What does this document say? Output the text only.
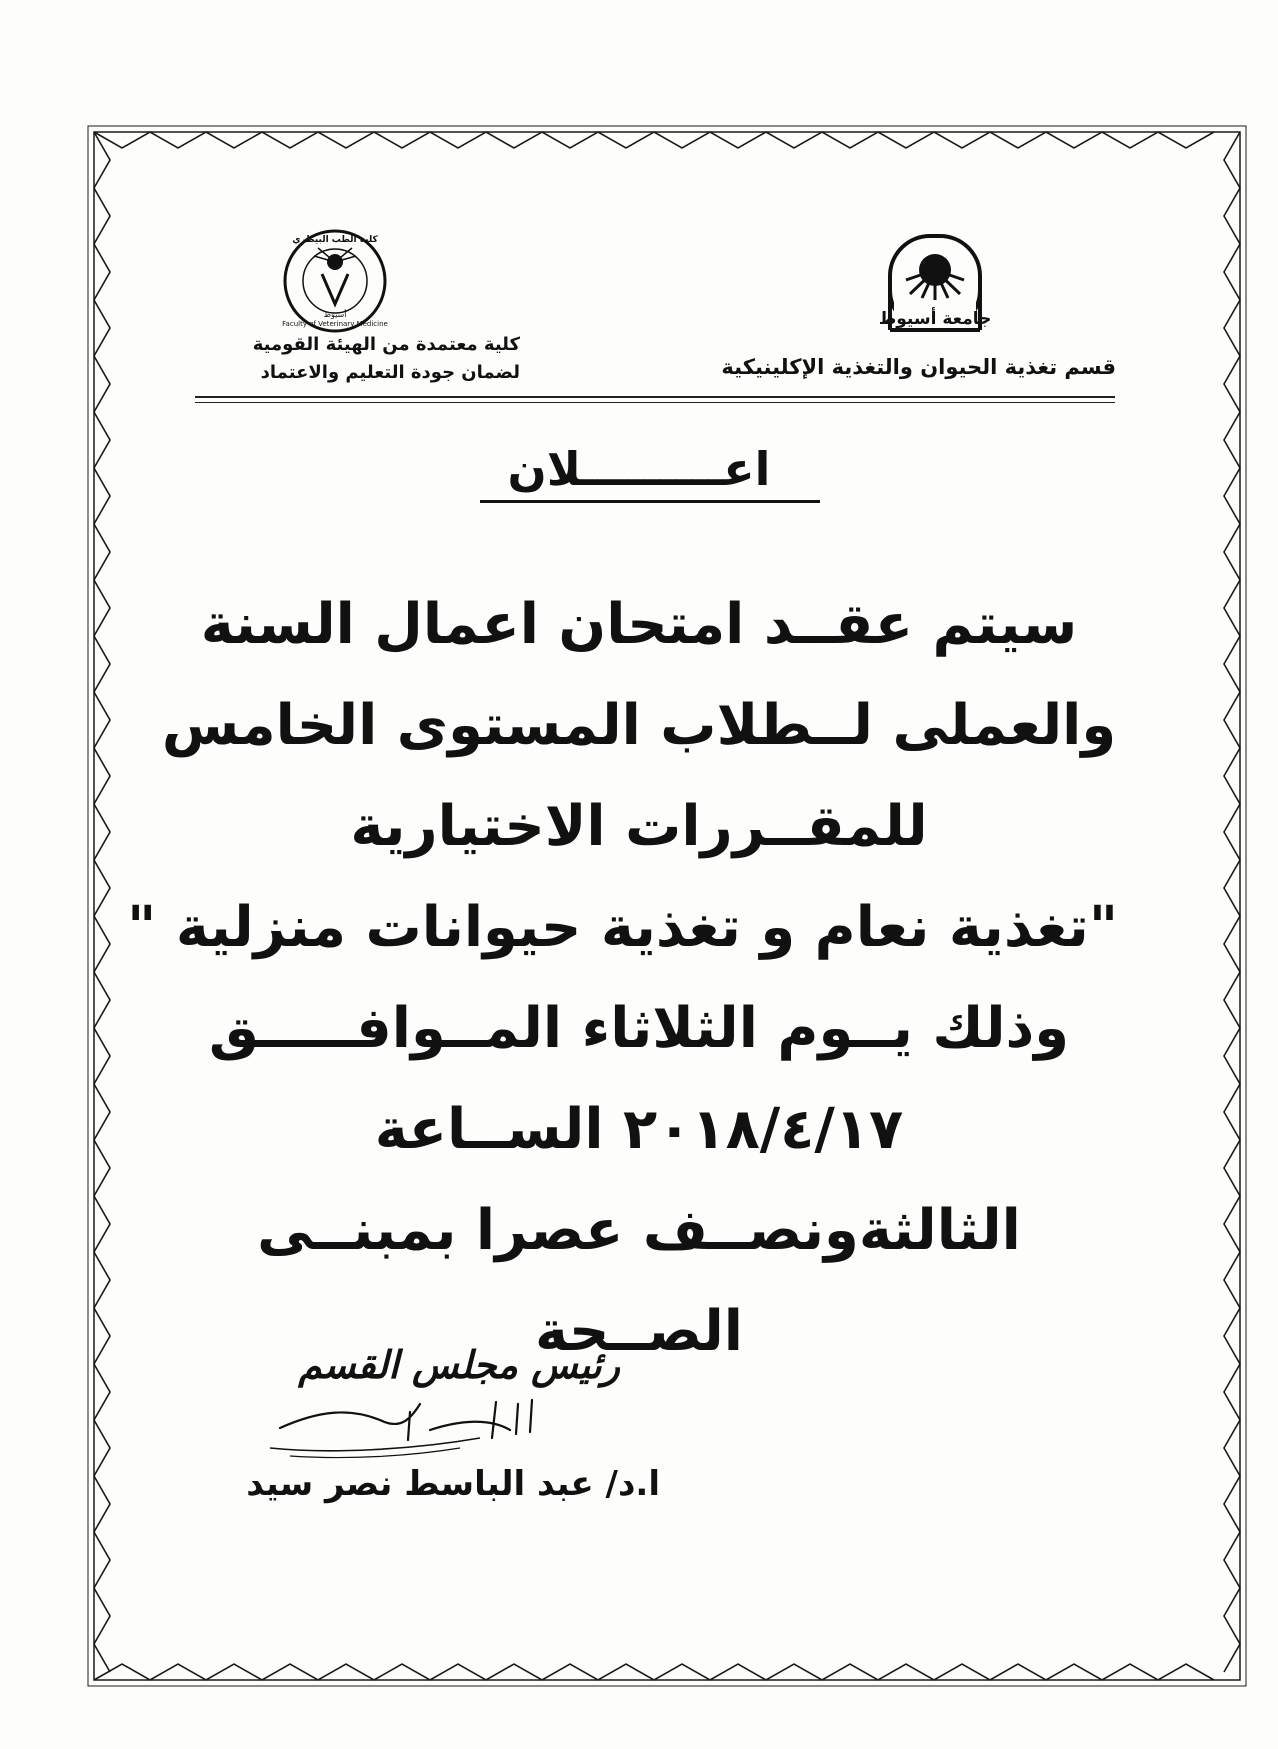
جامعة أسيوط
كلية الطب البيطري
Faculty of Veterinary Medicine
أسيوط
قسم تغذية الحيوان والتغذية الإكلينيكية
كلية معتمدة من الهيئة القومية
لضمان جودة التعليم والاعتماد
اعـــــــــلان
سيتم عقــد امتحان اعمال السنة
والعملى لــطلاب المستوى الخامس
للمقــررات الاختيارية
"تغذية نعام و تغذية حيوانات منزلية "
وذلك يــوم الثلاثاء المــوافـــــق
٢٠١٨/٤/١٧ الســاعة
الثالثةونصــف عصرا بمبنــى
الصــحة
رئيس مجلس القسم
ا.د/ عبد الباسط نصر سيد
